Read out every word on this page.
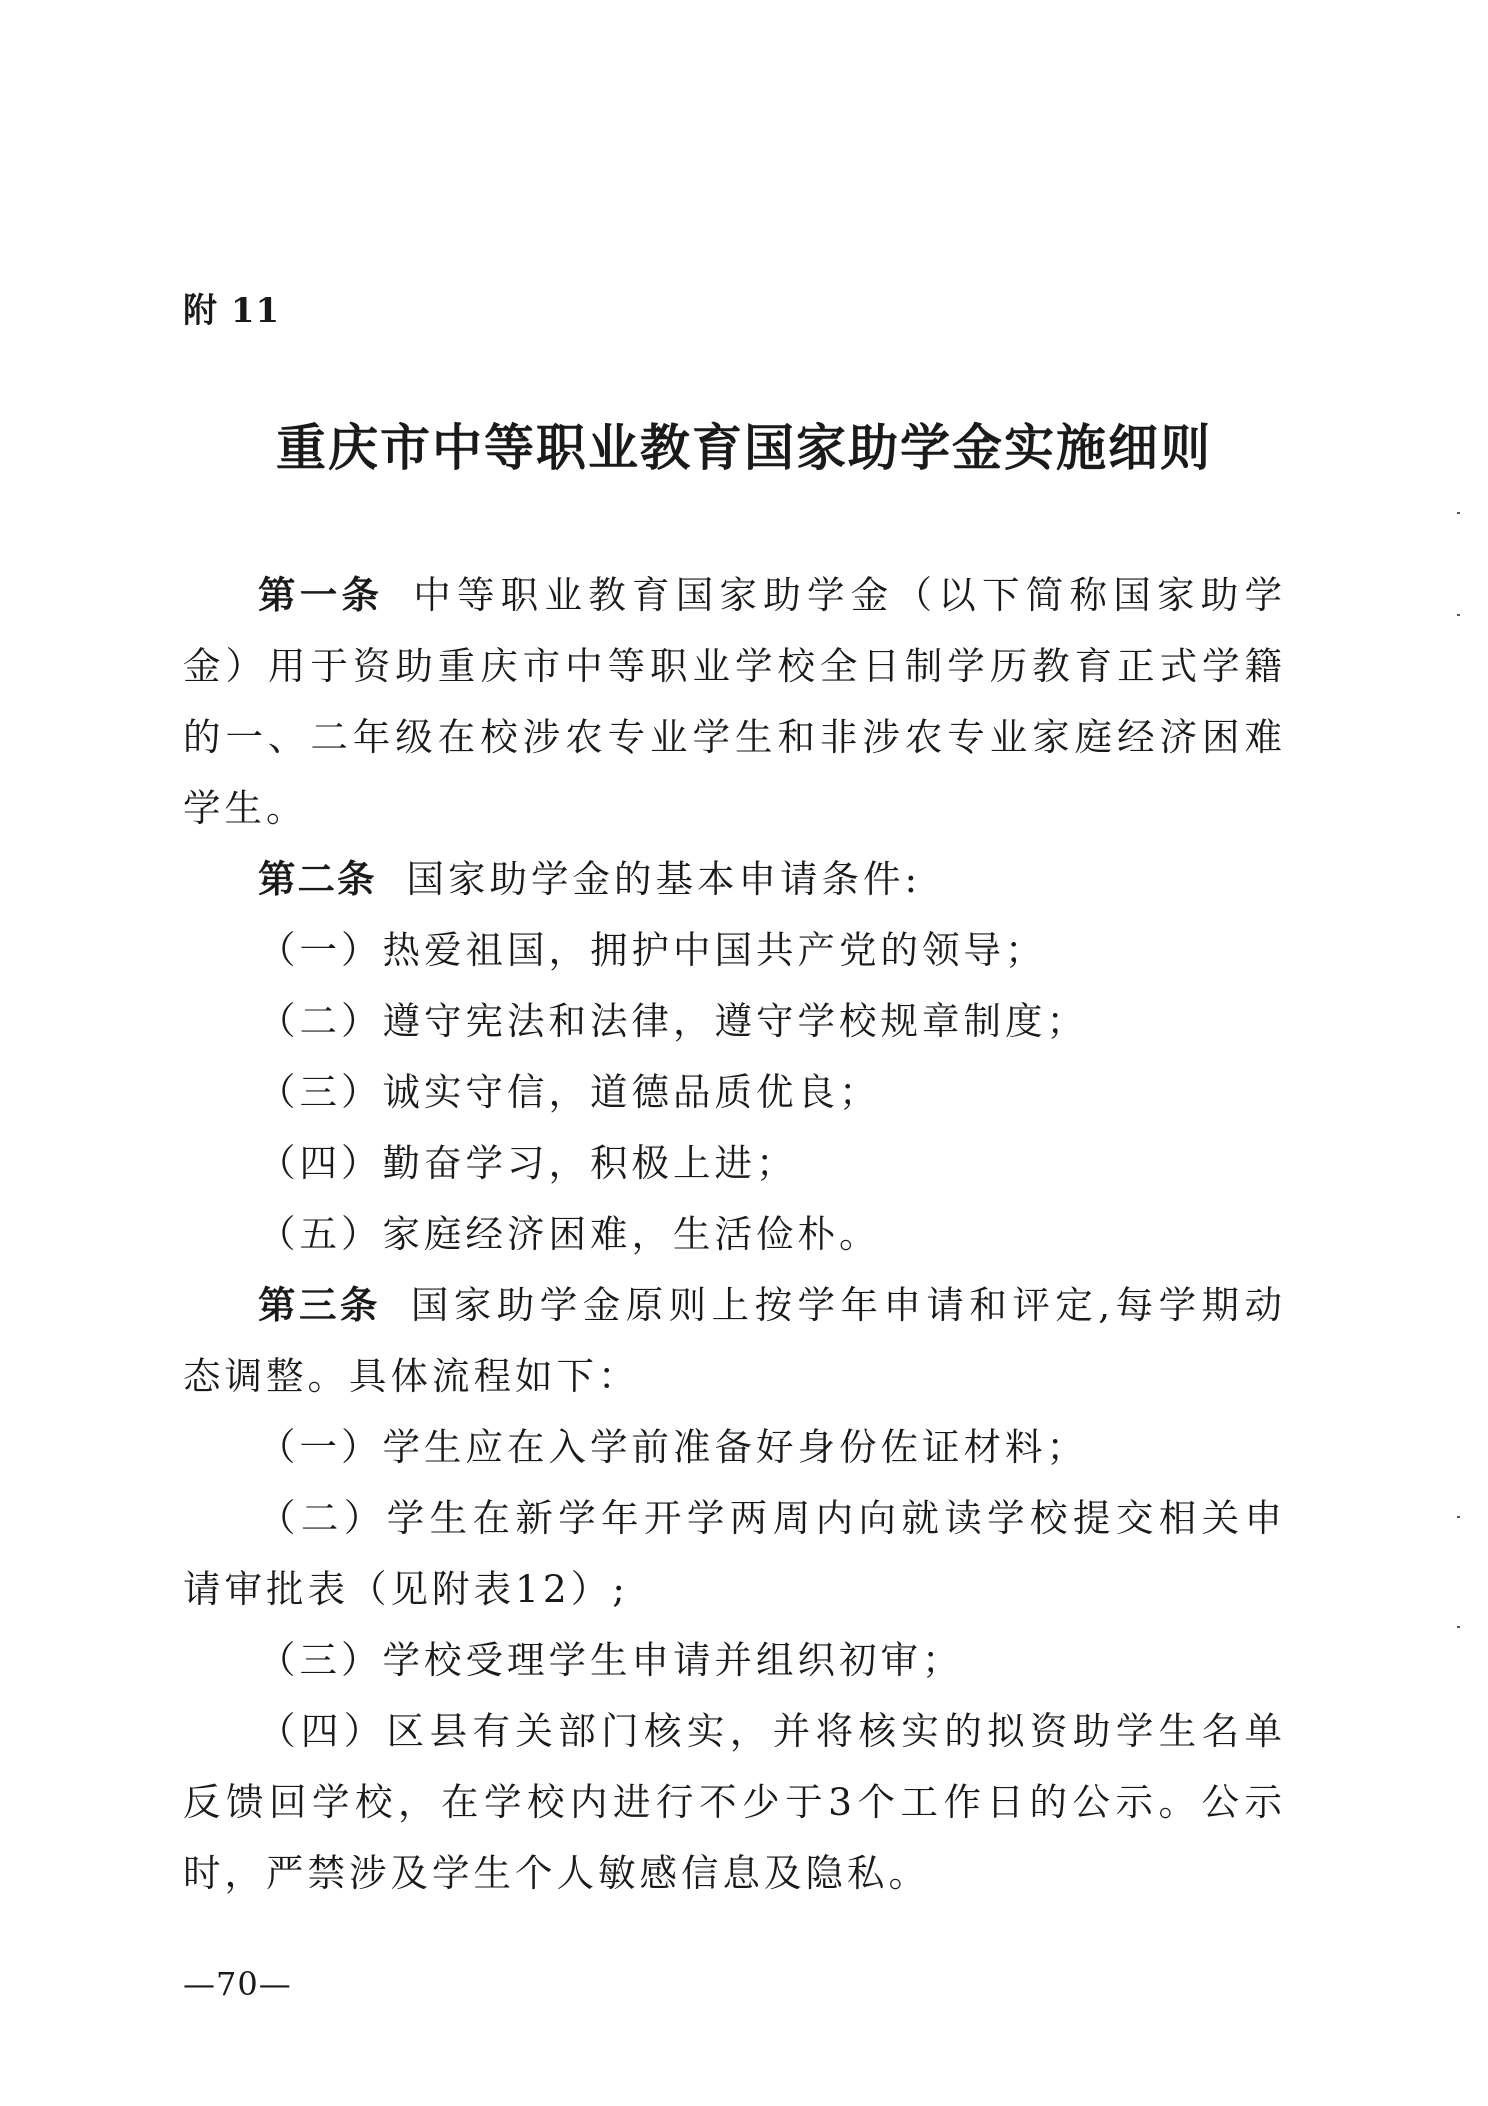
附 11
重庆市中等职业教育国家助学金实施细则

第一条 中等职业教育国家助学金（以下简称国家助学金）用于资助重庆市中等职业学校全日制学历教育正式学籍的一、二年级在校涉农专业学生和非涉农专业家庭经济困难学生。

第二条 国家助学金的基本申请条件:

（一）热爱祖国，拥护中国共产党的领导；

（二）遵守宪法和法律，遵守学校规章制度；

（三）诚实守信，道德品质优良；

（四）勤奋学习，积极上进；

（五）家庭经济困难，生活俭朴。

第三条 国家助学金原则上按学年申请和评定,每学期动态调整。具体流程如下：

（一）学生应在入学前准备好身份佐证材料；

（二）学生在新学年开学两周内向就读学校提交相关申请审批表（见附表12）;

（三）学校受理学生申请并组织初审；

（四）区县有关部门核实，并将核实的拟资助学生名单反馈回学校，在学校内进行不少于3个工作日的公示。公示时，严禁涉及学生个人敏感信息及隐私。

—70—
